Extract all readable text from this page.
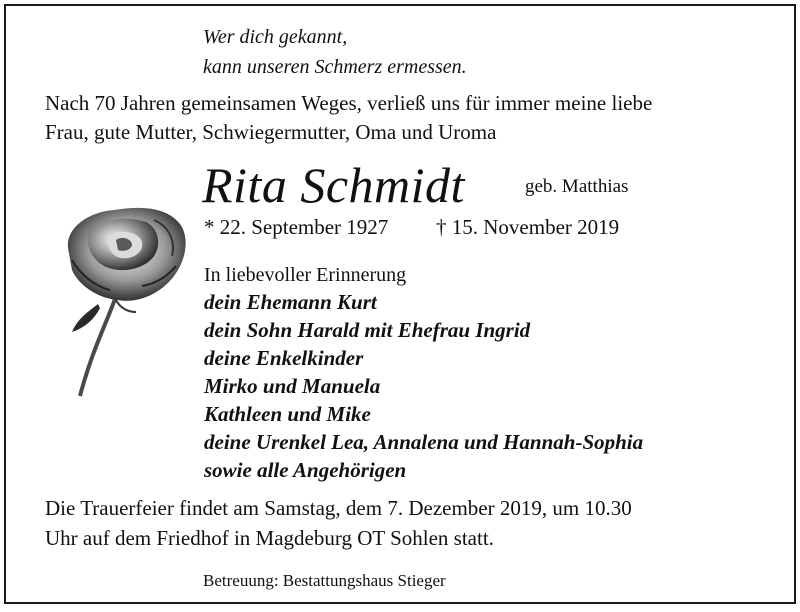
Wer dich gekannt,
kann unseren Schmerz ermessen.
Nach 70 Jahren gemeinsamen Weges, verließ uns für immer meine liebe
Frau, gute Mutter, Schwiegermutter, Oma und Uroma
Rita Schmidt	geb. Matthias
* 22. September 1927 † 15. November 2019
In liebevoller Erinnerung
dein Ehemann Kurt
dein Sohn Harald mit Ehefrau Ingrid
deine Enkelkinder
Mirko und Manuela
Kathleen und Mike
deine Urenkel Lea, Annalena und Hannah-Sophia
sowie alle Angehörigen
Die Trauerfeier findet am Samstag, dem 7. Dezember 2019, um 10.30
Uhr auf dem Friedhof in Magdeburg OT Sohlen statt.
Betreuung: Bestattungshaus Stieger
